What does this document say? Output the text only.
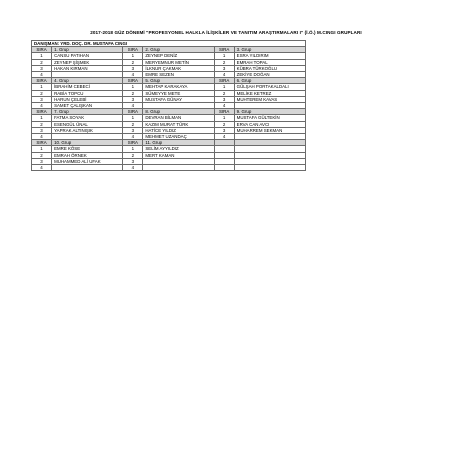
2017-2018 GÜZ DÖNEMİ "PROFESYONEL HALKLA İLİŞKİLER VE TANITIM ARAŞTIRMALARI I" (İ.Ö.) M.CINGI GRUPLARI
DANIŞMAN: YRD. DOÇ. DR. MUSTAFA CINGI					
SIRA	1. Grup	SIRA	2. Grup	SIRA	3. Grup
1	CANSU PATIHAN	1	ZEYNEP DENİZ	1	ESRA YILDIRIM
2	ZEYNEP ŞİŞMEK	2	MERYEMNUR METİN	2	EMRAH TOPAL
3	HAKAN KIRMAN	3	İLKNUR ÇAKMAK	3	KÜBRA TÜRKOĞLU
4		4	EMRE SEZEN	4	ZEKİYE DOĞAN
SIRA	4. Grup	SIRA	5. Grup	SIRA	6. Grup
1	İBRAHİM CEBECİ	1	MEHTAP KARAKAYA	1	GÜLŞAH PORTAKALDALI
2	RABİA TOPCU	2	SÜMEYYE METE	2	MELİKE KETREZ
3	HARUN ÇELEBİ	3	MUSTAFA GÜNAY	3	MUHTEREM KAVAS
4	SAMET ÇALIŞKAN	4		4	
SIRA	7. Grup	SIRA	8. Grup	SIRA	9. Grup
1	FATMA SOYAK	1	DEVRAN BİLMAN	1	MUSTAFA GÜLTEKİN
2	ESENGÜL ÜNAL	2	KAZIM MURAT TÜRK	2	ERVA CAN AVCI
3	YAPRAK ALTINIŞIK	3	HATİCE YILDIZ	3	MUHARREM SEKMAN
4		4	MEHMET UZANDAÇ	4	
SIRA	10. Grup	SIRA	11. Grup		
1	EMRE KÖSE	1	SELİM AYYILDIZ		
2	EMRAH ÖRNEK	2	MERT KAMAN		
3	MUHAMMED ALİ UFAK	3			
4		4			
